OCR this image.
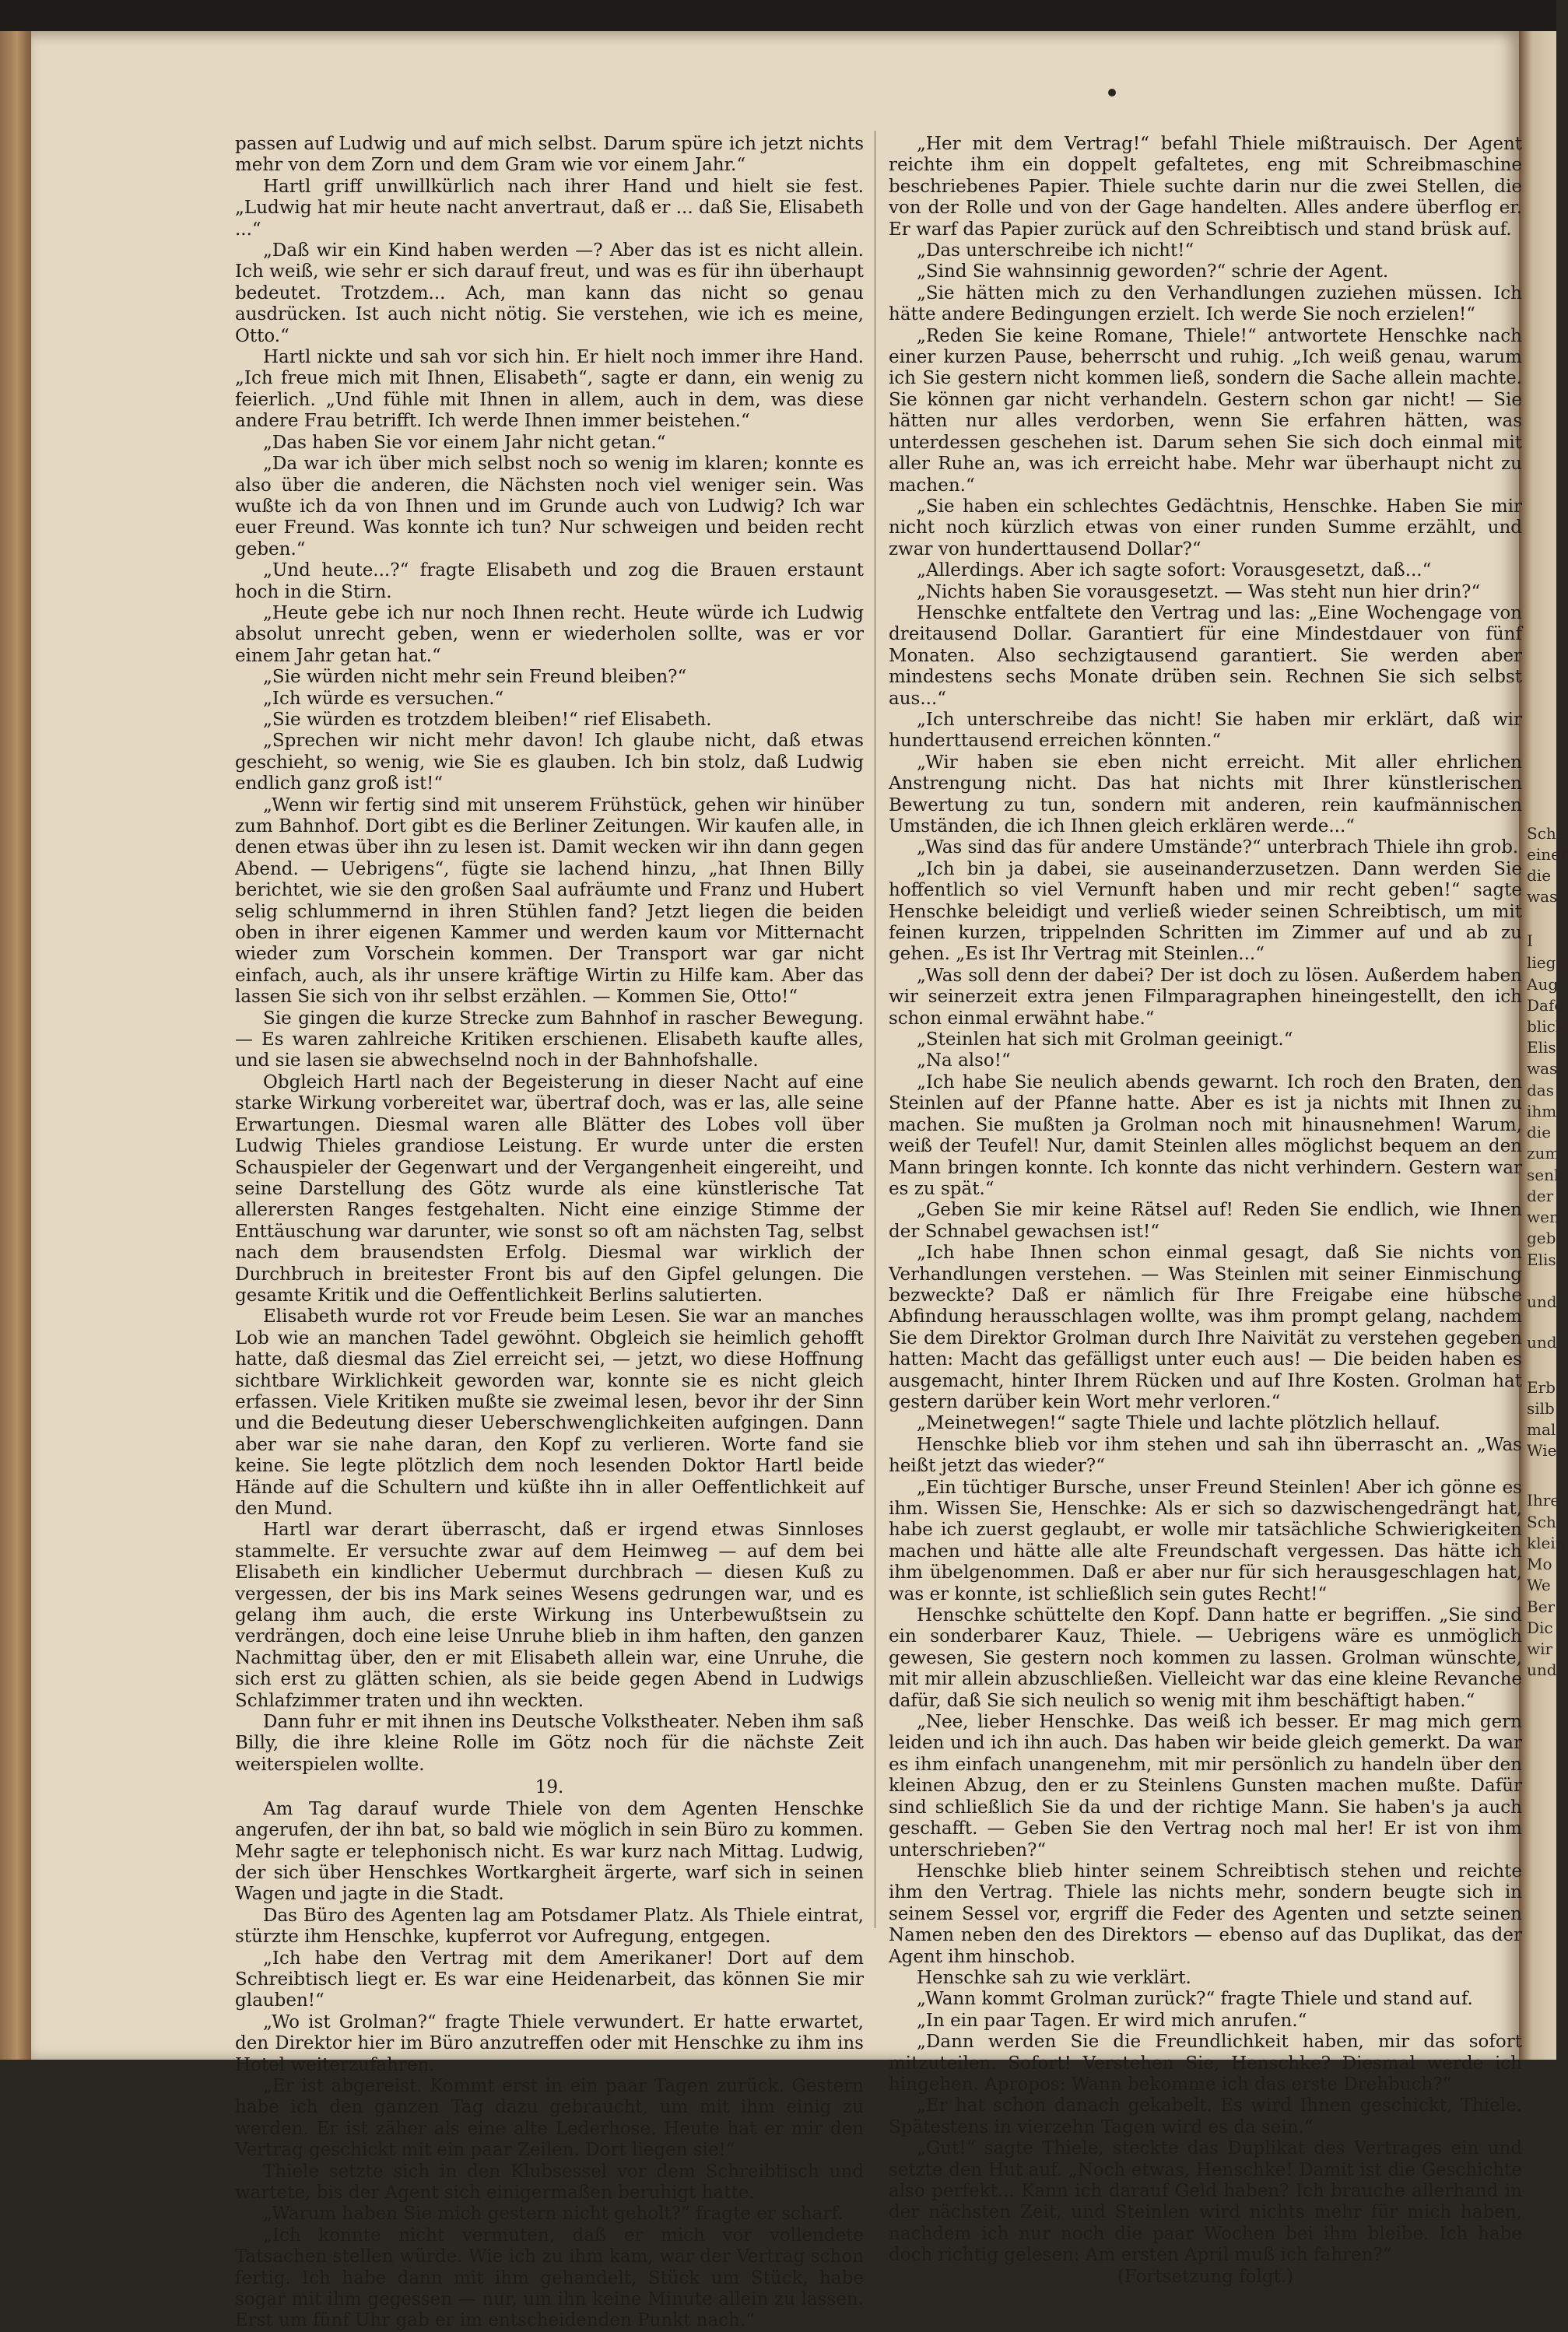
passen auf Ludwig und auf mich selbst. Darum spüre ich jetzt nichts mehr von dem Zorn und dem Gram wie vor einem Jahr.“

Hartl griff unwillkürlich nach ihrer Hand und hielt sie fest. „Ludwig hat mir heute nacht anvertraut, daß er ... daß Sie, Elisabeth ...“

„Daß wir ein Kind haben werden —? Aber das ist es nicht allein. Ich weiß, wie sehr er sich darauf freut, und was es für ihn überhaupt bedeutet. Trotzdem... Ach, man kann das nicht so genau ausdrücken. Ist auch nicht nötig. Sie verstehen, wie ich es meine, Otto.“

Hartl nickte und sah vor sich hin. Er hielt noch immer ihre Hand. „Ich freue mich mit Ihnen, Elisabeth“, sagte er dann, ein wenig zu feierlich. „Und fühle mit Ihnen in allem, auch in dem, was diese andere Frau betrifft. Ich werde Ihnen immer beistehen.“

„Das haben Sie vor einem Jahr nicht getan.“

„Da war ich über mich selbst noch so wenig im klaren; konnte es also über die anderen, die Nächsten noch viel weniger sein. Was wußte ich da von Ihnen und im Grunde auch von Ludwig? Ich war euer Freund. Was konnte ich tun? Nur schweigen und beiden recht geben.“

„Und heute...?“ fragte Elisabeth und zog die Brauen erstaunt hoch in die Stirn.

„Heute gebe ich nur noch Ihnen recht. Heute würde ich Ludwig absolut unrecht geben, wenn er wiederholen sollte, was er vor einem Jahr getan hat.“

„Sie würden nicht mehr sein Freund bleiben?“

„Ich würde es versuchen.“

„Sie würden es trotzdem bleiben!“ rief Elisabeth.

„Sprechen wir nicht mehr davon! Ich glaube nicht, daß etwas geschieht, so wenig, wie Sie es glauben. Ich bin stolz, daß Ludwig endlich ganz groß ist!“

„Wenn wir fertig sind mit unserem Frühstück, gehen wir hinüber zum Bahnhof. Dort gibt es die Berliner Zeitungen. Wir kaufen alle, in denen etwas über ihn zu lesen ist. Damit wecken wir ihn dann gegen Abend. — Uebrigens“, fügte sie lachend hinzu, „hat Ihnen Billy berichtet, wie sie den großen Saal aufräumte und Franz und Hubert selig schlummernd in ihren Stühlen fand? Jetzt liegen die beiden oben in ihrer eigenen Kammer und werden kaum vor Mitternacht wieder zum Vorschein kommen. Der Transport war gar nicht einfach, auch, als ihr unsere kräftige Wirtin zu Hilfe kam. Aber das lassen Sie sich von ihr selbst erzählen. — Kommen Sie, Otto!“

Sie gingen die kurze Strecke zum Bahnhof in rascher Bewegung. — Es waren zahlreiche Kritiken erschienen. Elisabeth kaufte alles, und sie lasen sie abwechselnd noch in der Bahnhofshalle.

Obgleich Hartl nach der Begeisterung in dieser Nacht auf eine starke Wirkung vorbereitet war, übertraf doch, was er las, alle seine Erwartungen. Diesmal waren alle Blätter des Lobes voll über Ludwig Thieles grandiose Leistung. Er wurde unter die ersten Schauspieler der Gegenwart und der Vergangenheit eingereiht, und seine Darstellung des Götz wurde als eine künstlerische Tat allerersten Ranges festgehalten. Nicht eine einzige Stimme der Enttäuschung war darunter, wie sonst so oft am nächsten Tag, selbst nach dem brausendsten Erfolg. Diesmal war wirklich der Durchbruch in breitester Front bis auf den Gipfel gelungen. Die gesamte Kritik und die Oeffentlichkeit Berlins salutierten.

Elisabeth wurde rot vor Freude beim Lesen. Sie war an manches Lob wie an manchen Tadel gewöhnt. Obgleich sie heimlich gehofft hatte, daß diesmal das Ziel erreicht sei, — jetzt, wo diese Hoffnung sichtbare Wirklichkeit geworden war, konnte sie es nicht gleich erfassen. Viele Kritiken mußte sie zweimal lesen, bevor ihr der Sinn und die Bedeutung dieser Ueberschwenglichkeiten aufgingen. Dann aber war sie nahe daran, den Kopf zu verlieren. Worte fand sie keine. Sie legte plötzlich dem noch lesenden Doktor Hartl beide Hände auf die Schultern und küßte ihn in aller Oeffentlichkeit auf den Mund.

Hartl war derart überrascht, daß er irgend etwas Sinnloses stammelte. Er versuchte zwar auf dem Heimweg — auf dem bei Elisabeth ein kindlicher Uebermut durchbrach — diesen Kuß zu vergessen, der bis ins Mark seines Wesens gedrungen war, und es gelang ihm auch, die erste Wirkung ins Unterbewußtsein zu verdrängen, doch eine leise Unruhe blieb in ihm haften, den ganzen Nachmittag über, den er mit Elisabeth allein war, eine Unruhe, die sich erst zu glätten schien, als sie beide gegen Abend in Ludwigs Schlafzimmer traten und ihn weckten.

Dann fuhr er mit ihnen ins Deutsche Volkstheater. Neben ihm saß Billy, die ihre kleine Rolle im Götz noch für die nächste Zeit weiterspielen wollte.

19.

Am Tag darauf wurde Thiele von dem Agenten Henschke angerufen, der ihn bat, so bald wie möglich in sein Büro zu kommen. Mehr sagte er telephonisch nicht. Es war kurz nach Mittag. Ludwig, der sich über Henschkes Wortkargheit ärgerte, warf sich in seinen Wagen und jagte in die Stadt.

Das Büro des Agenten lag am Potsdamer Platz. Als Thiele eintrat, stürzte ihm Henschke, kupferrot vor Aufregung, entgegen.

„Ich habe den Vertrag mit dem Amerikaner! Dort auf dem Schreibtisch liegt er. Es war eine Heidenarbeit, das können Sie mir glauben!“

„Wo ist Grolman?“ fragte Thiele verwundert. Er hatte erwartet, den Direktor hier im Büro anzutreffen oder mit Henschke zu ihm ins Hotel weiterzufahren.

„Er ist abgereist. Kommt erst in ein paar Tagen zurück. Gestern habe ich den ganzen Tag dazu gebraucht, um mit ihm einig zu werden. Er ist zäher als eine alte Lederhose. Heute hat er mir den Vertrag geschickt mit ein paar Zeilen. Dort liegen sie!“

Thiele setzte sich in den Klubsessel vor dem Schreibtisch und wartete, bis der Agent sich einigermaßen beruhigt hatte.

„Warum haben Sie mich gestern nicht geholt?“ fragte er scharf.

„Ich konnte nicht vermuten, daß er mich vor vollendete Tatsachen stellen würde. Wie ich zu ihm kam, war der Vertrag schon fertig. Ich habe dann mit ihm gehandelt, Stück um Stück, habe sogar mit ihm gegessen — nur, um ihn keine Minute allein zu lassen. Erst um fünf Uhr gab er im entscheidenden Punkt nach.“

„Her mit dem Vertrag!“ befahl Thiele mißtrauisch. Der Agent reichte ihm ein doppelt gefaltetes, eng mit Schreibmaschine beschriebenes Papier. Thiele suchte darin nur die zwei Stellen, die von der Rolle und von der Gage handelten. Alles andere überflog er. Er warf das Papier zurück auf den Schreibtisch und stand brüsk auf.

„Das unterschreibe ich nicht!“

„Sind Sie wahnsinnig geworden?“ schrie der Agent.

„Sie hätten mich zu den Verhandlungen zuziehen müssen. Ich hätte andere Bedingungen erzielt. Ich werde Sie noch erzielen!“

„Reden Sie keine Romane, Thiele!“ antwortete Henschke nach einer kurzen Pause, beherrscht und ruhig. „Ich weiß genau, warum ich Sie gestern nicht kommen ließ, sondern die Sache allein machte. Sie können gar nicht verhandeln. Gestern schon gar nicht! — Sie hätten nur alles verdorben, wenn Sie erfahren hätten, was unterdessen geschehen ist. Darum sehen Sie sich doch einmal mit aller Ruhe an, was ich erreicht habe. Mehr war überhaupt nicht zu machen.“

„Sie haben ein schlechtes Gedächtnis, Henschke. Haben Sie mir nicht noch kürzlich etwas von einer runden Summe erzählt, und zwar von hunderttausend Dollar?“

„Allerdings. Aber ich sagte sofort: Vorausgesetzt, daß...“

„Nichts haben Sie vorausgesetzt. — Was steht nun hier drin?“

Henschke entfaltete den Vertrag und las: „Eine Wochengage von dreitausend Dollar. Garantiert für eine Mindestdauer von fünf Monaten. Also sechzigtausend garantiert. Sie werden aber mindestens sechs Monate drüben sein. Rechnen Sie sich selbst aus...“

„Ich unterschreibe das nicht! Sie haben mir erklärt, daß wir hunderttausend erreichen könnten.“

„Wir haben sie eben nicht erreicht. Mit aller ehrlichen Anstrengung nicht. Das hat nichts mit Ihrer künstlerischen Bewertung zu tun, sondern mit anderen, rein kaufmännischen Umständen, die ich Ihnen gleich erklären werde...“

„Was sind das für andere Umstände?“ unterbrach Thiele ihn grob.

„Ich bin ja dabei, sie auseinanderzusetzen. Dann werden Sie hoffentlich so viel Vernunft haben und mir recht geben!“ sagte Henschke beleidigt und verließ wieder seinen Schreibtisch, um mit feinen kurzen, trippelnden Schritten im Zimmer auf und ab zu gehen. „Es ist Ihr Vertrag mit Steinlen...“

„Was soll denn der dabei? Der ist doch zu lösen. Außerdem haben wir seinerzeit extra jenen Filmparagraphen hineingestellt, den ich schon einmal erwähnt habe.“

„Steinlen hat sich mit Grolman geeinigt.“

„Na also!“

„Ich habe Sie neulich abends gewarnt. Ich roch den Braten, den Steinlen auf der Pfanne hatte. Aber es ist ja nichts mit Ihnen zu machen. Sie mußten ja Grolman noch mit hinausnehmen! Warum, weiß der Teufel! Nur, damit Steinlen alles möglichst bequem an den Mann bringen konnte. Ich konnte das nicht verhindern. Gestern war es zu spät.“

„Geben Sie mir keine Rätsel auf! Reden Sie endlich, wie Ihnen der Schnabel gewachsen ist!“

„Ich habe Ihnen schon einmal gesagt, daß Sie nichts von Verhandlungen verstehen. — Was Steinlen mit seiner Einmischung bezweckte? Daß er nämlich für Ihre Freigabe eine hübsche Abfindung herausschlagen wollte, was ihm prompt gelang, nachdem Sie dem Direktor Grolman durch Ihre Naivität zu verstehen gegeben hatten: Macht das gefälligst unter euch aus! — Die beiden haben es ausgemacht, hinter Ihrem Rücken und auf Ihre Kosten. Grolman hat gestern darüber kein Wort mehr verloren.“

„Meinetwegen!“ sagte Thiele und lachte plötzlich hellauf.

Henschke blieb vor ihm stehen und sah ihn überrascht an. „Was heißt jetzt das wieder?“

„Ein tüchtiger Bursche, unser Freund Steinlen! Aber ich gönne es ihm. Wissen Sie, Henschke: Als er sich so dazwischengedrängt hat, habe ich zuerst geglaubt, er wolle mir tatsächliche Schwierigkeiten machen und hätte alle alte Freundschaft vergessen. Das hätte ich ihm übelgenommen. Daß er aber nur für sich herausgeschlagen hat, was er konnte, ist schließlich sein gutes Recht!“

Henschke schüttelte den Kopf. Dann hatte er begriffen. „Sie sind ein sonderbarer Kauz, Thiele. — Uebrigens wäre es unmöglich gewesen, Sie gestern noch kommen zu lassen. Grolman wünschte, mit mir allein abzuschließen. Vielleicht war das eine kleine Revanche dafür, daß Sie sich neulich so wenig mit ihm beschäftigt haben.“

„Nee, lieber Henschke. Das weiß ich besser. Er mag mich gern leiden und ich ihn auch. Das haben wir beide gleich gemerkt. Da war es ihm einfach unangenehm, mit mir persönlich zu handeln über den kleinen Abzug, den er zu Steinlens Gunsten machen mußte. Dafür sind schließlich Sie da und der richtige Mann. Sie haben's ja auch geschafft. — Geben Sie den Vertrag noch mal her! Er ist von ihm unterschrieben?“

Henschke blieb hinter seinem Schreibtisch stehen und reichte ihm den Vertrag. Thiele las nichts mehr, sondern beugte sich in seinem Sessel vor, ergriff die Feder des Agenten und setzte seinen Namen neben den des Direktors — ebenso auf das Duplikat, das der Agent ihm hinschob.

Henschke sah zu wie verklärt.

„Wann kommt Grolman zurück?“ fragte Thiele und stand auf.

„In ein paar Tagen. Er wird mich anrufen.“

„Dann werden Sie die Freundlichkeit haben, mir das sofort mitzuteilen. Sofort! Verstehen Sie, Henschke? Diesmal werde ich hingehen. Apropos: Wann bekomme ich das erste Drehbuch?“

„Er hat schon danach gekabelt. Es wird Ihnen geschickt, Thiele. Spätestens in vierzehn Tagen wird es da sein.“

„Gut!“ sagte Thiele, steckte das Duplikat des Vertrages ein und setzte den Hut auf. „Noch etwas, Henschke! Damit ist die Geschichte also perfekt... Kann ich darauf Geld haben? Ich brauche allerhand in der nächsten Zeit, und Steinlen wird nichts mehr für mich haben, nachdem ich nur noch die paar Wochen bei ihm bleibe. Ich habe doch richtig gelesen: Am ersten April muß ich fahren?“

(Fortsetzung folgt.)

Sche
einer
die
was
I
liege
Aug
Dafe
blick
Elis
was
das
ihm
die
zum
senk
der
wen
geb
Elis
und
und
Erb
silb
mal
Wie
Ihre
Sch
klein
Mo
We
Ber
Dic
wir
und
